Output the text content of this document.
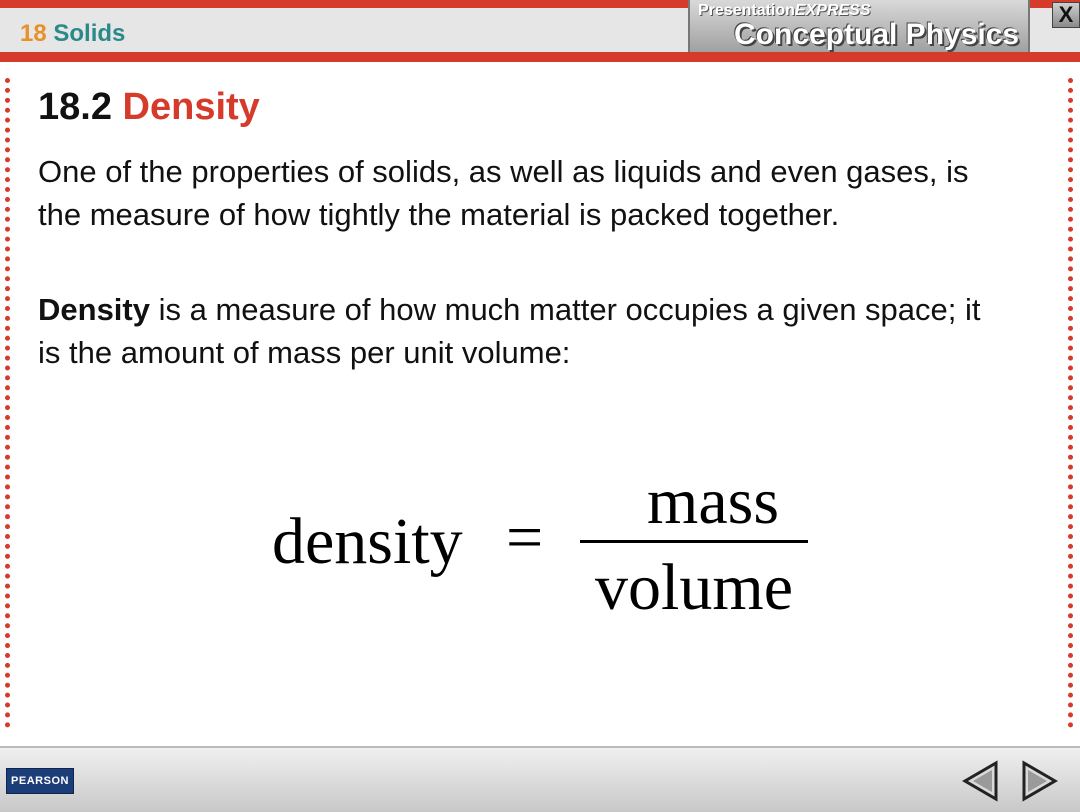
18 Solids
PresentationEXPRESS
Conceptual Physics
X
18.2 Density
One of the properties of solids, as well as liquids and even gases, is the measure of how tightly the material is packed together.
Density is a measure of how much matter occupies a given space; it is the amount of mass per unit volume:
density =	mass
volume
PEARSON
